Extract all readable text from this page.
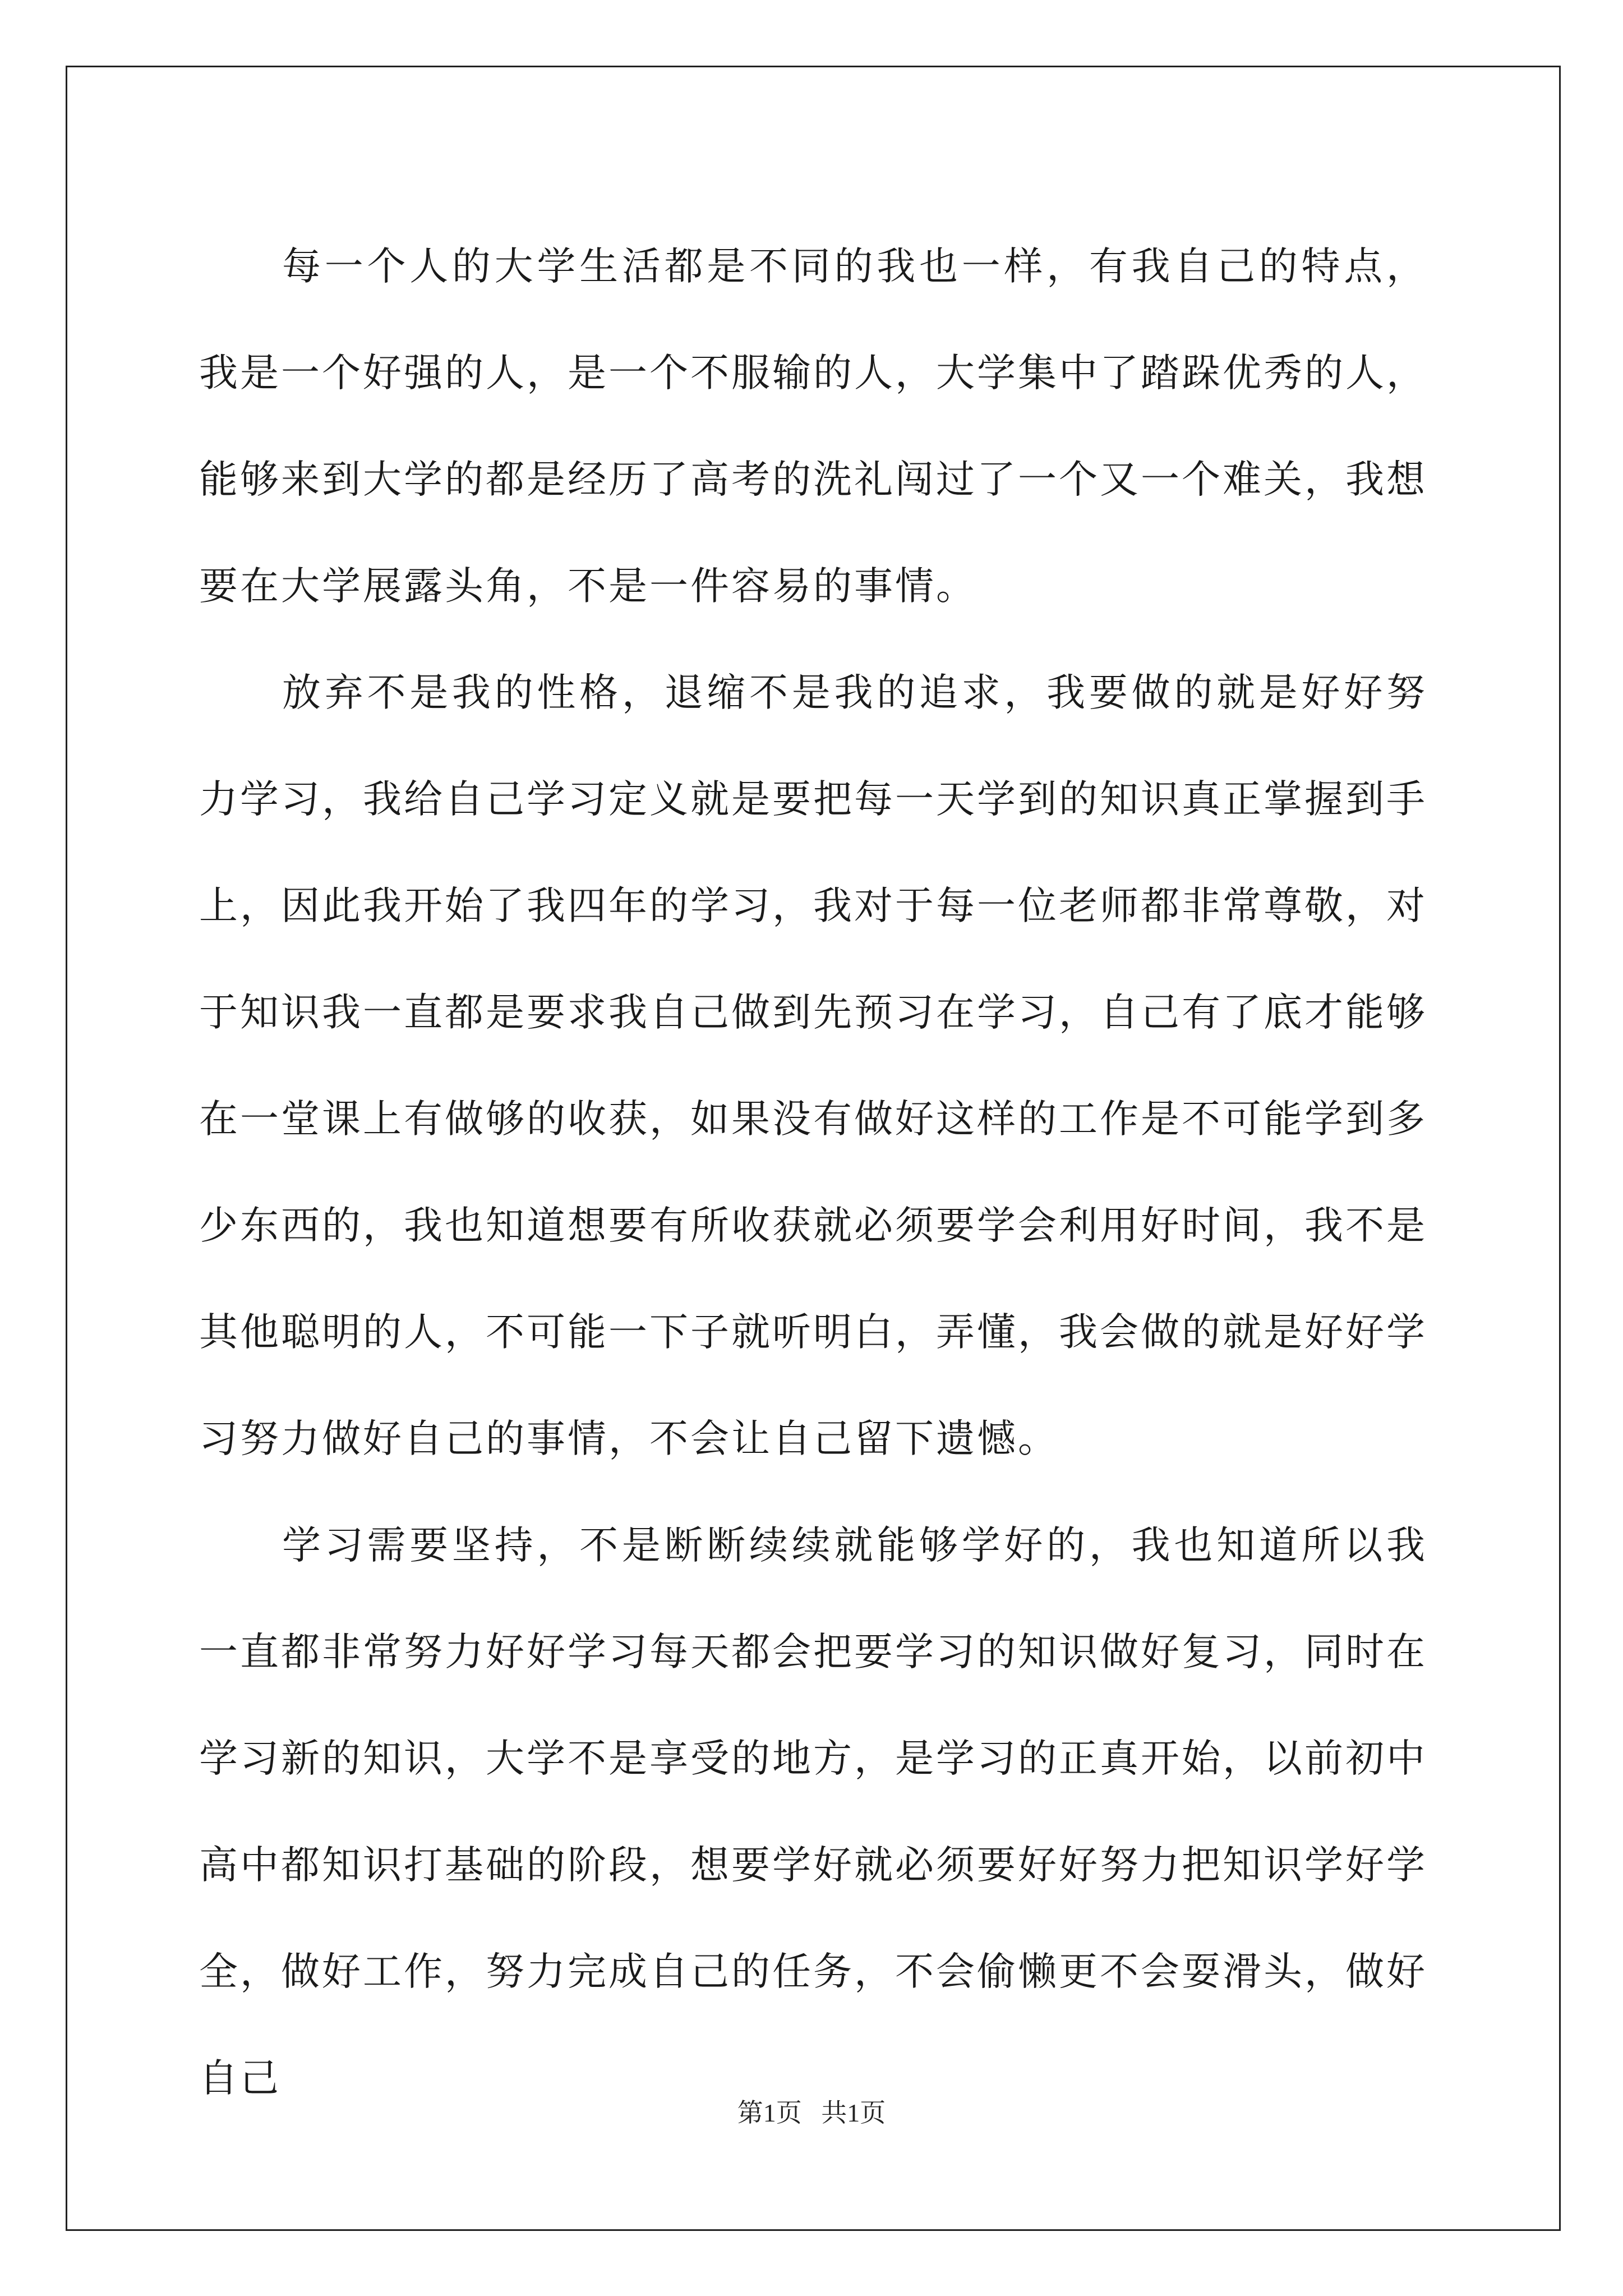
每一个人的大学生活都是不同的我也一样，有我自己的特点，我是一个好强的人，是一个不服输的人，大学集中了踏跺优秀的人，能够来到大学的都是经历了高考的洗礼闯过了一个又一个难关，我想要在大学展露头角，不是一件容易的事情。

放弃不是我的性格，退缩不是我的追求，我要做的就是好好努力学习，我给自己学习定义就是要把每一天学到的知识真正掌握到手上，因此我开始了我四年的学习，我对于每一位老师都非常尊敬，对于知识我一直都是要求我自己做到先预习在学习，自己有了底才能够在一堂课上有做够的收获，如果没有做好这样的工作是不可能学到多少东西的，我也知道想要有所收获就必须要学会利用好时间，我不是其他聪明的人，不可能一下子就听明白，弄懂，我会做的就是好好学习努力做好自己的事情，不会让自己留下遗憾。

学习需要坚持，不是断断续续就能够学好的，我也知道所以我一直都非常努力好好学习每天都会把要学习的知识做好复习，同时在学习新的知识，大学不是享受的地方，是学习的正真开始，以前初中高中都知识打基础的阶段，想要学好就必须要好好努力把知识学好学全，做好工作，努力完成自己的任务，不会偷懒更不会耍滑头，做好自己

第1页 共1页
